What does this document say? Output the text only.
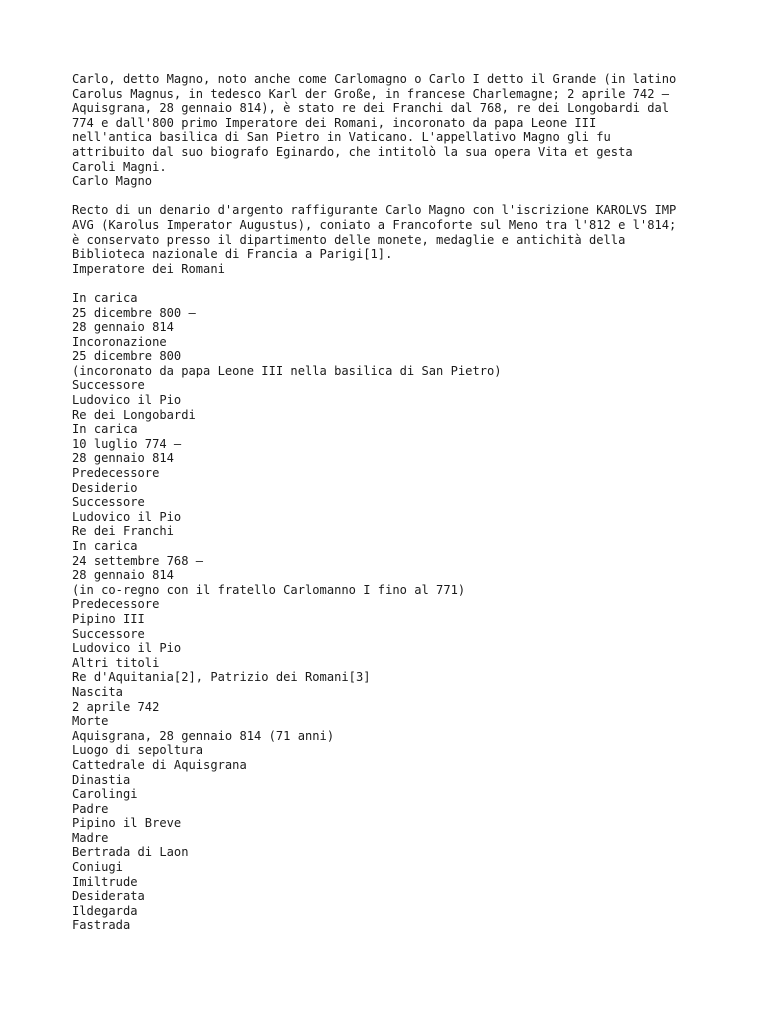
Carlo, detto Magno, noto anche come Carlomagno o Carlo I detto il Grande (in latino
Carolus Magnus, in tedesco Karl der Große, in francese Charlemagne; 2 aprile 742 –
Aquisgrana, 28 gennaio 814), è stato re dei Franchi dal 768, re dei Longobardi dal
774 e dall'800 primo Imperatore dei Romani, incoronato da papa Leone III
nell'antica basilica di San Pietro in Vaticano. L'appellativo Magno gli fu
attribuito dal suo biografo Eginardo, che intitolò la sua opera Vita et gesta
Caroli Magni.
Carlo Magno
Recto di un denario d'argento raffigurante Carlo Magno con l'iscrizione KAROLVS IMP
AVG (Karolus Imperator Augustus), coniato a Francoforte sul Meno tra l'812 e l'814;
è conservato presso il dipartimento delle monete, medaglie e antichità della
Biblioteca nazionale di Francia a Parigi[1].
Imperatore dei Romani
In carica
25 dicembre 800 –
28 gennaio 814
Incoronazione
25 dicembre 800
(incoronato da papa Leone III nella basilica di San Pietro)
Successore
Ludovico il Pio
Re dei Longobardi
In carica
10 luglio 774 –
28 gennaio 814
Predecessore
Desiderio
Successore
Ludovico il Pio
Re dei Franchi
In carica
24 settembre 768 –
28 gennaio 814
(in co-regno con il fratello Carlomanno I fino al 771)
Predecessore
Pipino III
Successore
Ludovico il Pio
Altri titoli
Re d'Aquitania[2], Patrizio dei Romani[3]
Nascita
2 aprile 742
Morte
Aquisgrana, 28 gennaio 814 (71 anni)
Luogo di sepoltura
Cattedrale di Aquisgrana
Dinastia
Carolingi
Padre
Pipino il Breve
Madre
Bertrada di Laon
Coniugi
Imiltrude
Desiderata
Ildegarda
Fastrada
